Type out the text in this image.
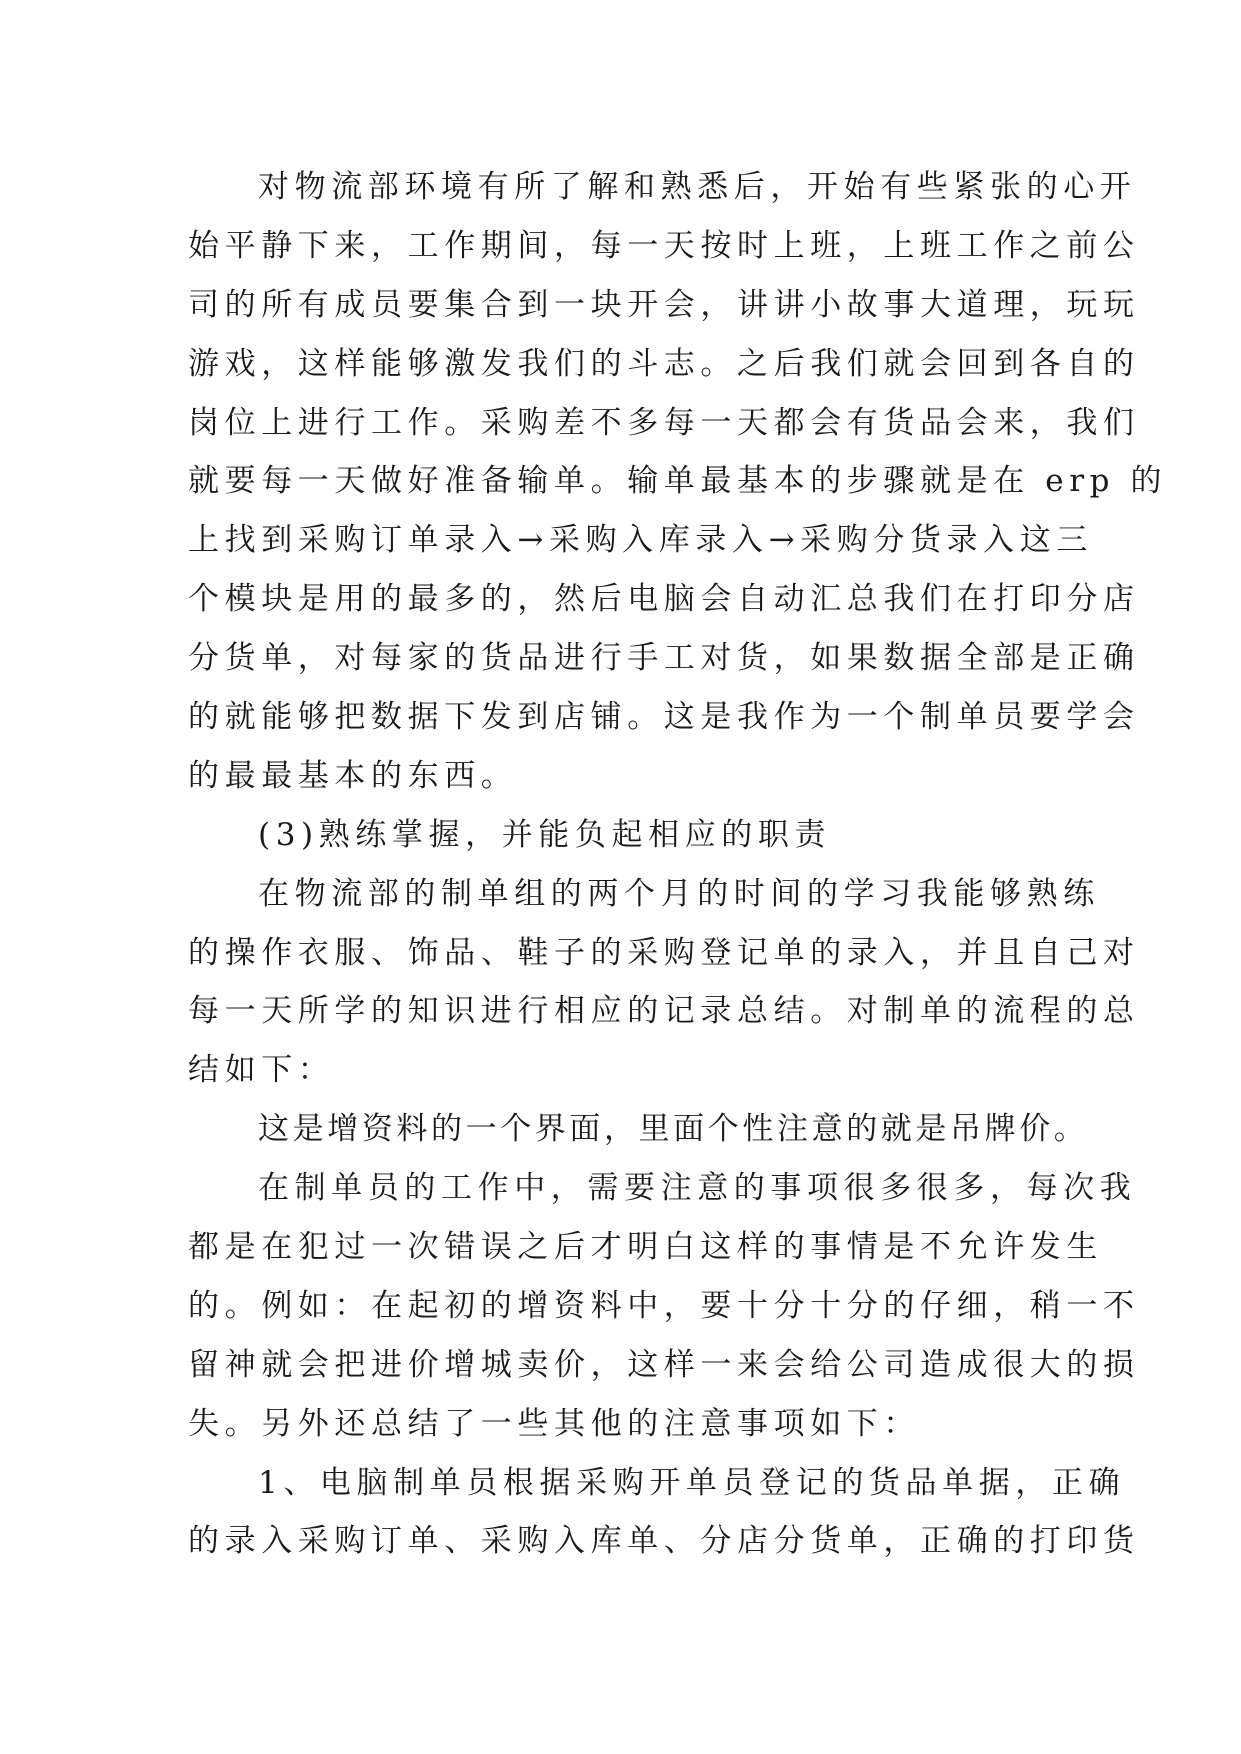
对物流部环境有所了解和熟悉后，开始有些紧张的心开
始平静下来，工作期间，每一天按时上班，上班工作之前公
司的所有成员要集合到一块开会，讲讲小故事大道理，玩玩
游戏，这样能够激发我们的斗志。之后我们就会回到各自的
岗位上进行工作。采购差不多每一天都会有货品会来，我们
就要每一天做好准备输单。输单最基本的步骤就是在 erp 的
上找到采购订单录入→采购入库录入→采购分货录入这三
个模块是用的最多的，然后电脑会自动汇总我们在打印分店
分货单，对每家的货品进行手工对货，如果数据全部是正确
的就能够把数据下发到店铺。这是我作为一个制单员要学会
的最最基本的东西。
(3)熟练掌握，并能负起相应的职责
在物流部的制单组的两个月的时间的学习我能够熟练
的操作衣服、饰品、鞋子的采购登记单的录入，并且自己对
每一天所学的知识进行相应的记录总结。对制单的流程的总
结如下：
这是增资料的一个界面，里面个性注意的就是吊牌价。
在制单员的工作中，需要注意的事项很多很多，每次我
都是在犯过一次错误之后才明白这样的事情是不允许发生
的。例如：在起初的增资料中，要十分十分的仔细，稍一不
留神就会把进价增城卖价，这样一来会给公司造成很大的损
失。另外还总结了一些其他的注意事项如下：
1、电脑制单员根据采购开单员登记的货品单据，正确
的录入采购订单、采购入库单、分店分货单，正确的打印货
